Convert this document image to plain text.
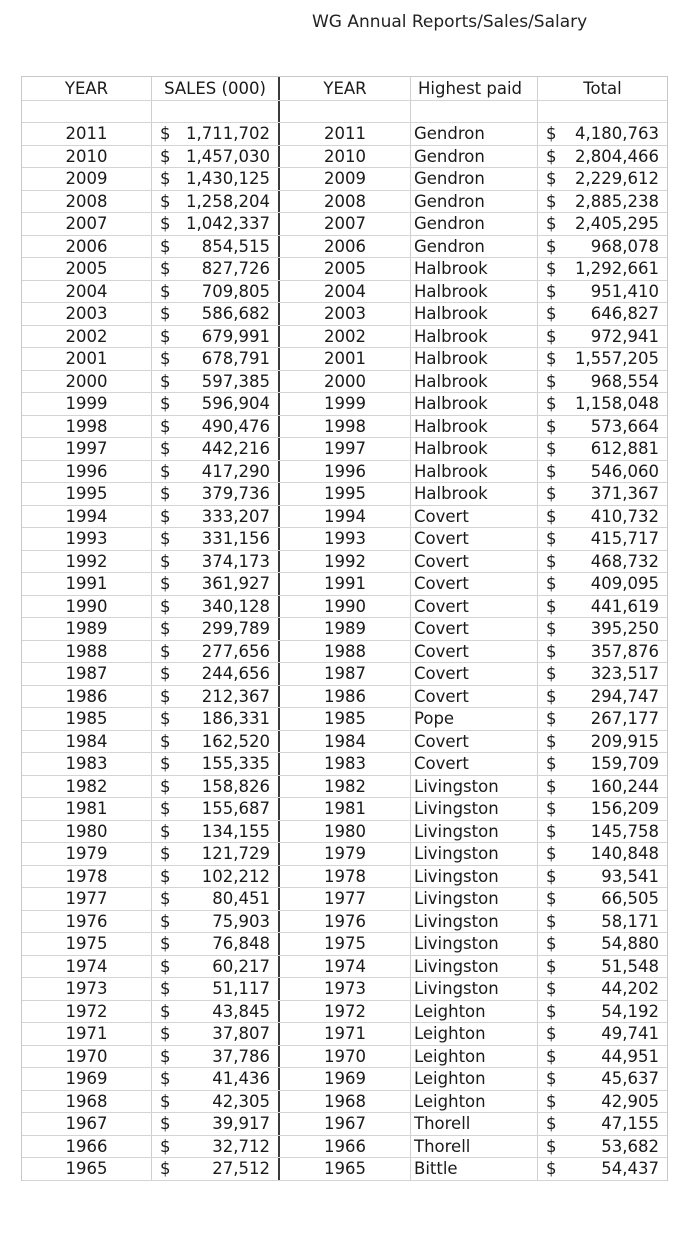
WG Annual Reports/Sales/Salary
YEAR	SALES (000)	YEAR	Highest paid	Total
2011	$ 1,711,702	2011	Gendron	$ 4,180,763
2010	$ 1,457,030	2010	Gendron	$ 2,804,466
2009	$ 1,430,125	2009	Gendron	$ 2,229,612
2008	$ 1,258,204	2008	Gendron	$ 2,885,238
2007	$ 1,042,337	2007	Gendron	$ 2,405,295
2006	$ 854,515	2006	Gendron	$ 968,078
2005	$ 827,726	2005	Halbrook	$ 1,292,661
2004	$ 709,805	2004	Halbrook	$ 951,410
2003	$ 586,682	2003	Halbrook	$ 646,827
2002	$ 679,991	2002	Halbrook	$ 972,941
2001	$ 678,791	2001	Halbrook	$ 1,557,205
2000	$ 597,385	2000	Halbrook	$ 968,554
1999	$ 596,904	1999	Halbrook	$ 1,158,048
1998	$ 490,476	1998	Halbrook	$ 573,664
1997	$ 442,216	1997	Halbrook	$ 612,881
1996	$ 417,290	1996	Halbrook	$ 546,060
1995	$ 379,736	1995	Halbrook	$ 371,367
1994	$ 333,207	1994	Covert	$ 410,732
1993	$ 331,156	1993	Covert	$ 415,717
1992	$ 374,173	1992	Covert	$ 468,732
1991	$ 361,927	1991	Covert	$ 409,095
1990	$ 340,128	1990	Covert	$ 441,619
1989	$ 299,789	1989	Covert	$ 395,250
1988	$ 277,656	1988	Covert	$ 357,876
1987	$ 244,656	1987	Covert	$ 323,517
1986	$ 212,367	1986	Covert	$ 294,747
1985	$ 186,331	1985	Pope	$ 267,177
1984	$ 162,520	1984	Covert	$ 209,915
1983	$ 155,335	1983	Covert	$ 159,709
1982	$ 158,826	1982	Livingston	$ 160,244
1981	$ 155,687	1981	Livingston	$ 156,209
1980	$ 134,155	1980	Livingston	$ 145,758
1979	$ 121,729	1979	Livingston	$ 140,848
1978	$ 102,212	1978	Livingston	$	93,541
1977	$	80,451	1977	Livingston	$	66,505
1976	$	75,903	1976	Livingston	$	58,171
1975	$	76,848	1975	Livingston	$	54,880
1974	$	60,217	1974	Livingston	$	51,548
1973	$	51,117	1973	Livingston	$	44,202
1972	$	43,845	1972	Leighton	$	54,192
1971	$	37,807	1971	Leighton	$	49,741
1970	$	37,786	1970	Leighton	$	44,951
1969	$	41,436	1969	Leighton	$	45,637
1968	$	42,305	1968	Leighton	$	42,905
1967	$	39,917	1967	Thorell	$	47,155
1966	$	32,712	1966	Thorell	$	53,682
1965	$	27,512	1965	Bittle	$	54,437
